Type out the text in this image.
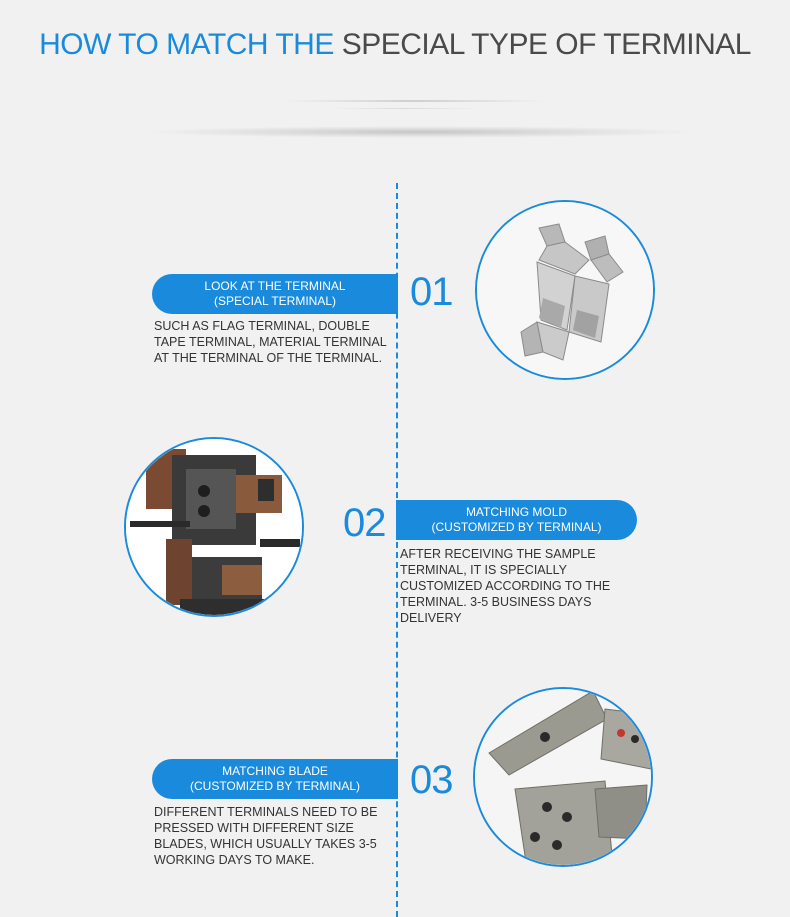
HOW TO MATCH THE SPECIAL TYPE OF TERMINAL
LOOK AT THE TERMINAL
(SPECIAL TERMINAL)	01
SUCH AS FLAG TERMINAL, DOUBLE TAPE TERMINAL, MATERIAL TERMINAL AT THE TERMINAL OF THE TERMINAL.
02	MATCHING MOLD
(CUSTOMIZED BY TERMINAL)
AFTER RECEIVING THE SAMPLE TERMINAL, IT IS SPECIALLY CUSTOMIZED ACCORDING TO THE TERMINAL. 3-5 BUSINESS DAYS DELIVERY
MATCHING BLADE
(CUSTOMIZED BY TERMINAL)	03
DIFFERENT TERMINALS NEED TO BE PRESSED WITH DIFFERENT SIZE BLADES, WHICH USUALLY TAKES 3-5 WORKING DAYS TO MAKE.
